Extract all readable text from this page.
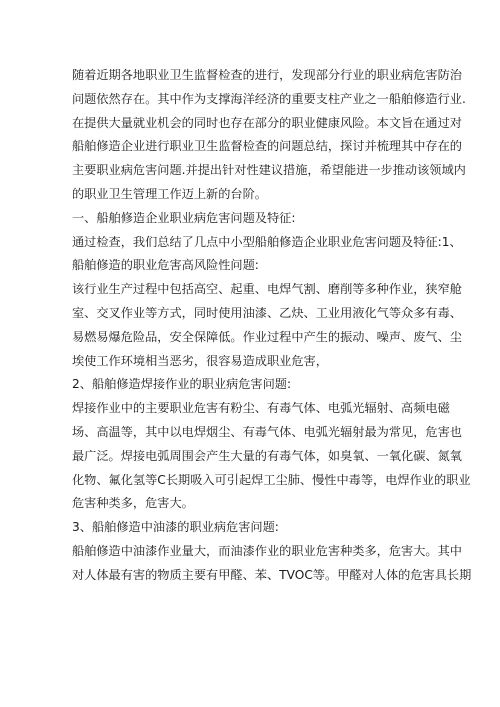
随着近期各地职业卫生监督检查的进行，发现部分行业的职业病危害防治
问题依然存在。其中作为支撑海洋经济的重要支柱产业之一船舶修造行业.
在提供大量就业机会的同时也存在部分的职业健康风险。本文旨在通过对
船舶修造企业进行职业卫生监督检查的问题总结，探讨并梳理其中存在的
主要职业病危害问题.并提出针对性建议措施，希望能进一步推动该领域内
的职业卫生管理工作迈上新的台阶。
一、船舶修造企业职业病危害问题及特征:
通过检查，我们总结了几点中小型船舶修造企业职业危害问题及特征:1、
船舶修造的职业危害高风险性问题:
该行业生产过程中包括高空、起重、电焊气割、磨削等多种作业，狭窄舱
室、交叉作业等方式，同时使用油漆、乙炔、工业用液化气等众多有毒、
易燃易爆危险品，安全保障低。作业过程中产生的振动、噪声、废气、尘
埃使工作环境相当恶劣，很容易造成职业危害，
2、船舶修造焊接作业的职业病危害问题:
焊接作业中的主要职业危害有粉尘、有毒气体、电弧光辐射、高频电磁
场、高温等，其中以电焊烟尘、有毒气体、电弧光辐射最为常见，危害也
最广泛。焊接电弧周围会产生大量的有毒气体，如臭氧、一氧化碳、氮氧
化物、氟化氢等C长期吸入可引起焊工尘肺、慢性中毒等，电焊作业的职业
危害种类多，危害大。
3、船舶修造中油漆的职业病危害问题:
船舶修造中油漆作业量大，而油漆作业的职业危害种类多，危害大。其中
对人体最有害的物质主要有甲醛、苯、TVOC等。甲醛对人体的危害具长期
